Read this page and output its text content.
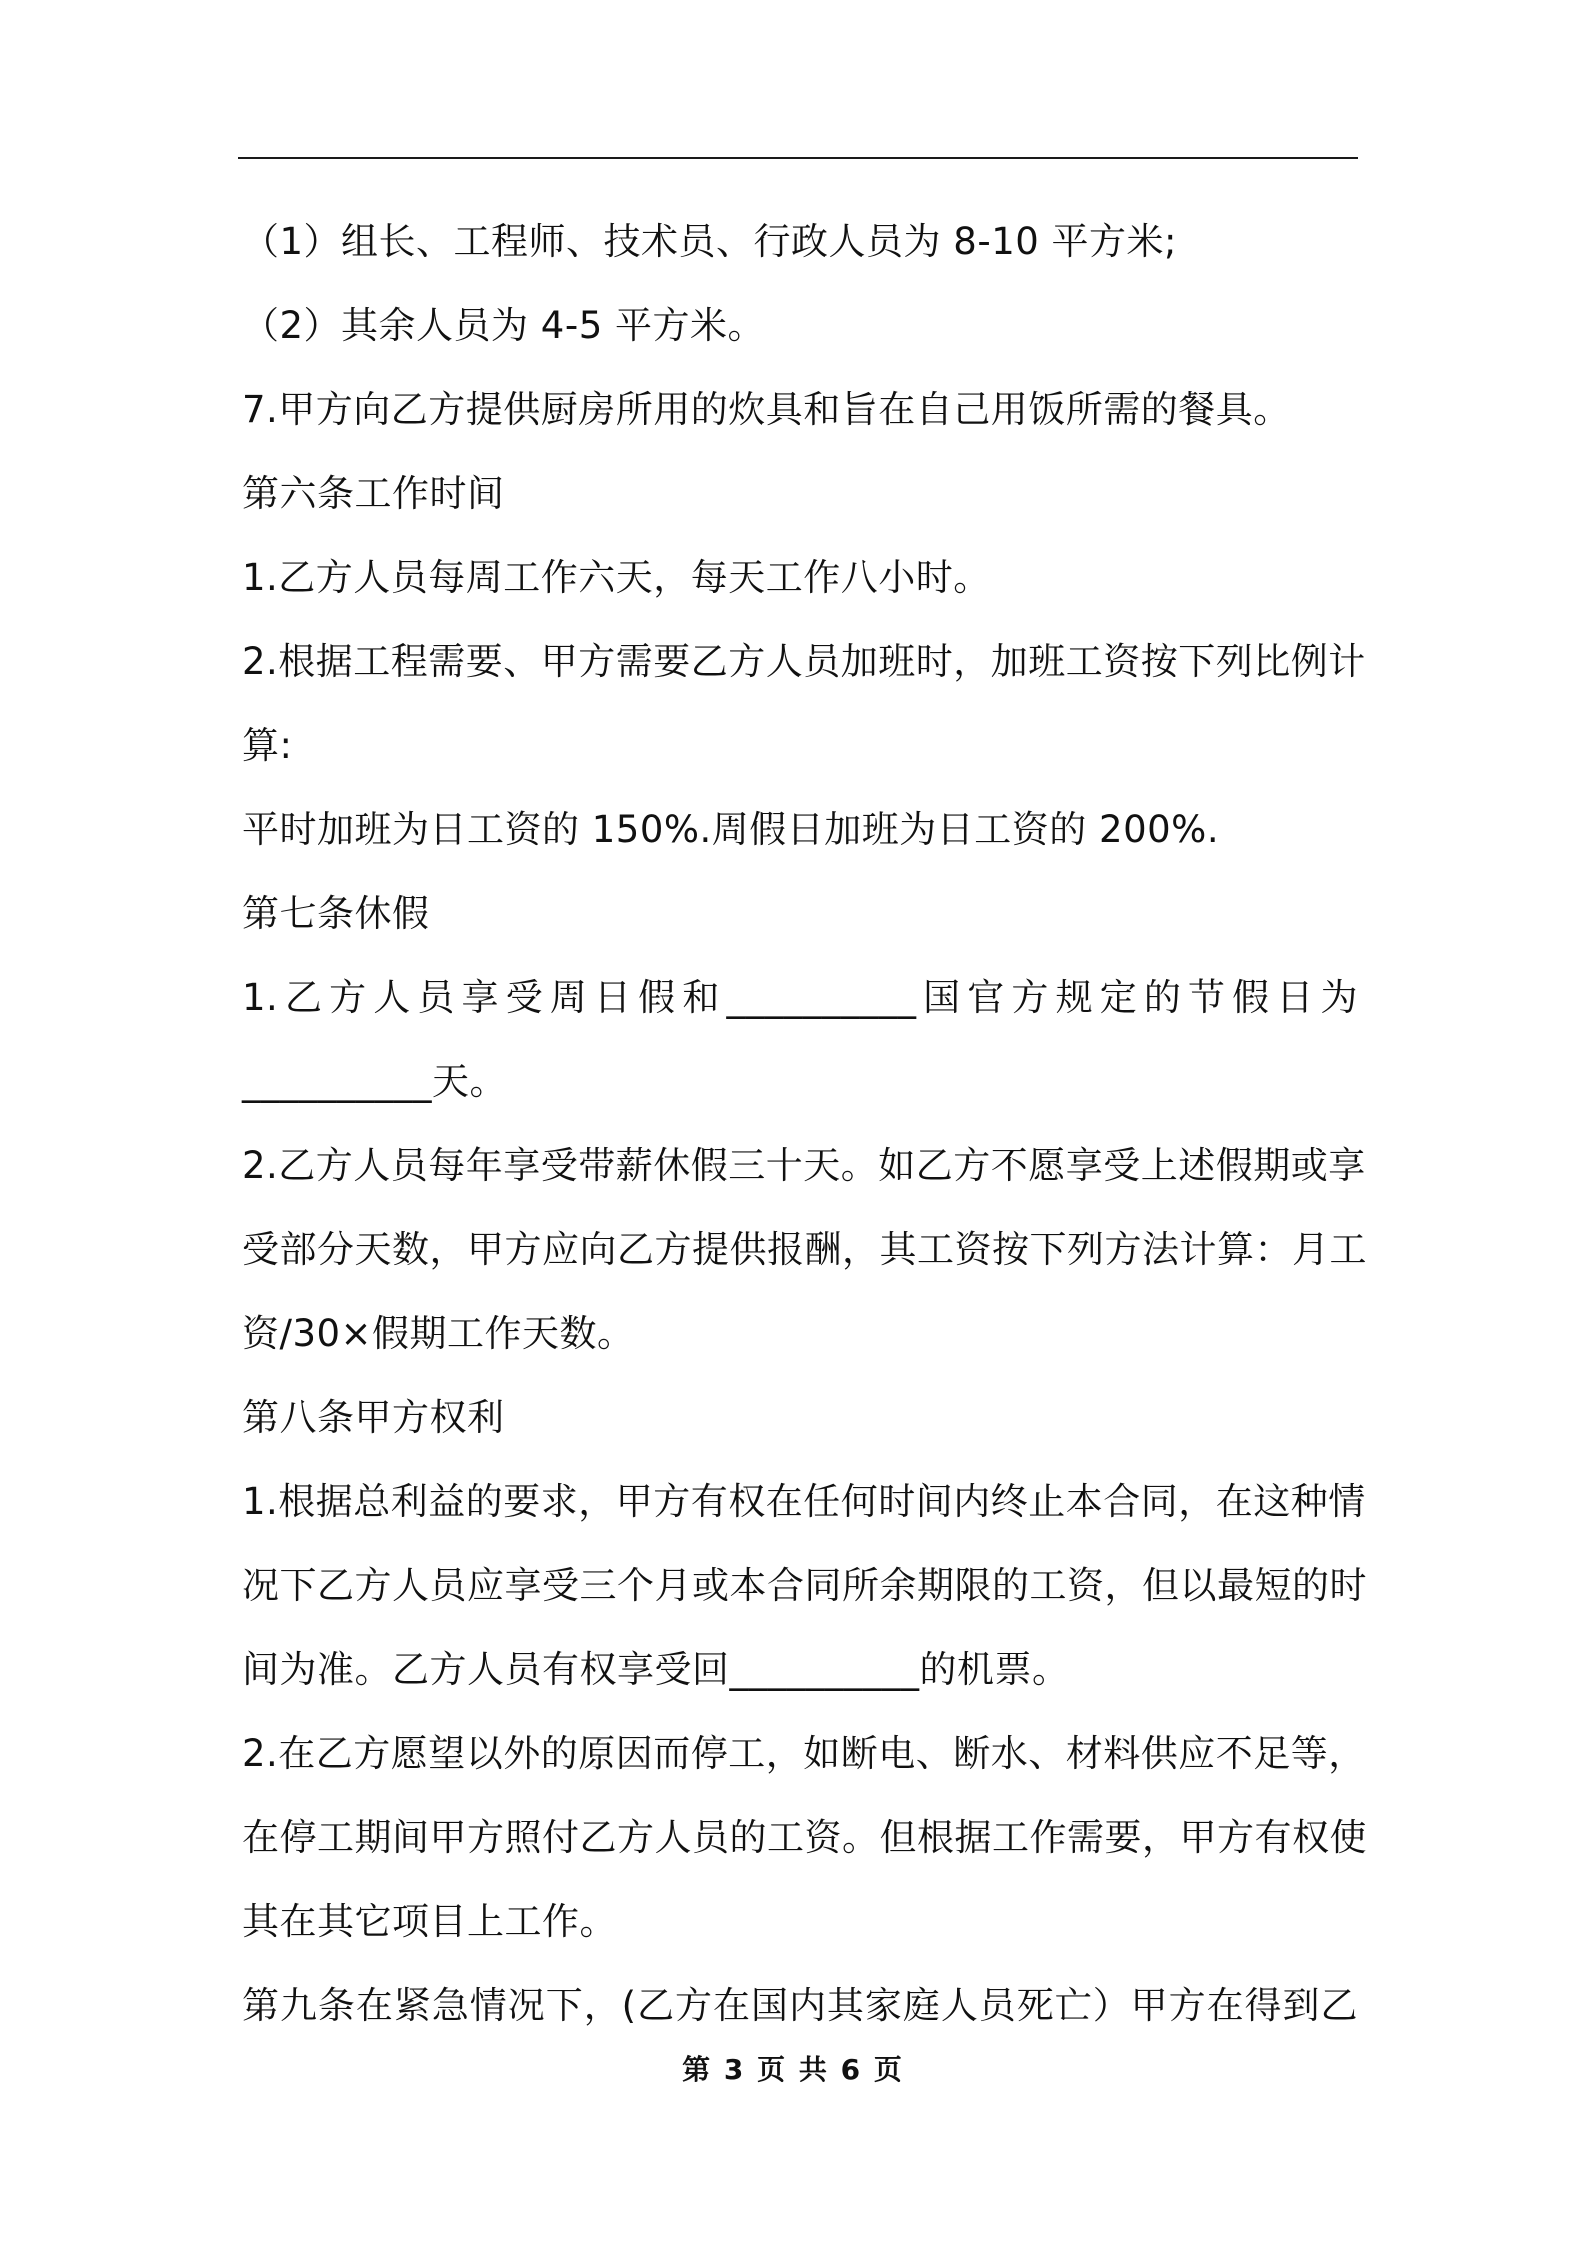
（1）组长、工程师、技术员、行政人员为 8-10 平方米;
（2）其余人员为 4-5 平方米。
7.甲方向乙方提供厨房所用的炊具和旨在自己用饭所需的餐具。
第六条工作时间
1.乙方人员每周工作六天，每天工作八小时。
2.根据工程需要、甲方需要乙方人员加班时，加班工资按下列比例计
算:
平时加班为日工资的 150%.周假日加班为日工资的 200%.
第七条休假
1.乙方人员享受周日假和__________国官方规定的节假日为
__________天。
2.乙方人员每年享受带薪休假三十天。如乙方不愿享受上述假期或享
受部分天数，甲方应向乙方提供报酬，其工资按下列方法计算：月工
资/30×假期工作天数。
第八条甲方权利
1.根据总利益的要求，甲方有权在任何时间内终止本合同，在这种情
况下乙方人员应享受三个月或本合同所余期限的工资，但以最短的时
间为准。乙方人员有权享受回__________的机票。
2.在乙方愿望以外的原因而停工，如断电、断水、材料供应不足等，
在停工期间甲方照付乙方人员的工资。但根据工作需要，甲方有权使
其在其它项目上工作。
第九条在紧急情况下，(乙方在国内其家庭人员死亡）甲方在得到乙
第 3 页 共 6 页
